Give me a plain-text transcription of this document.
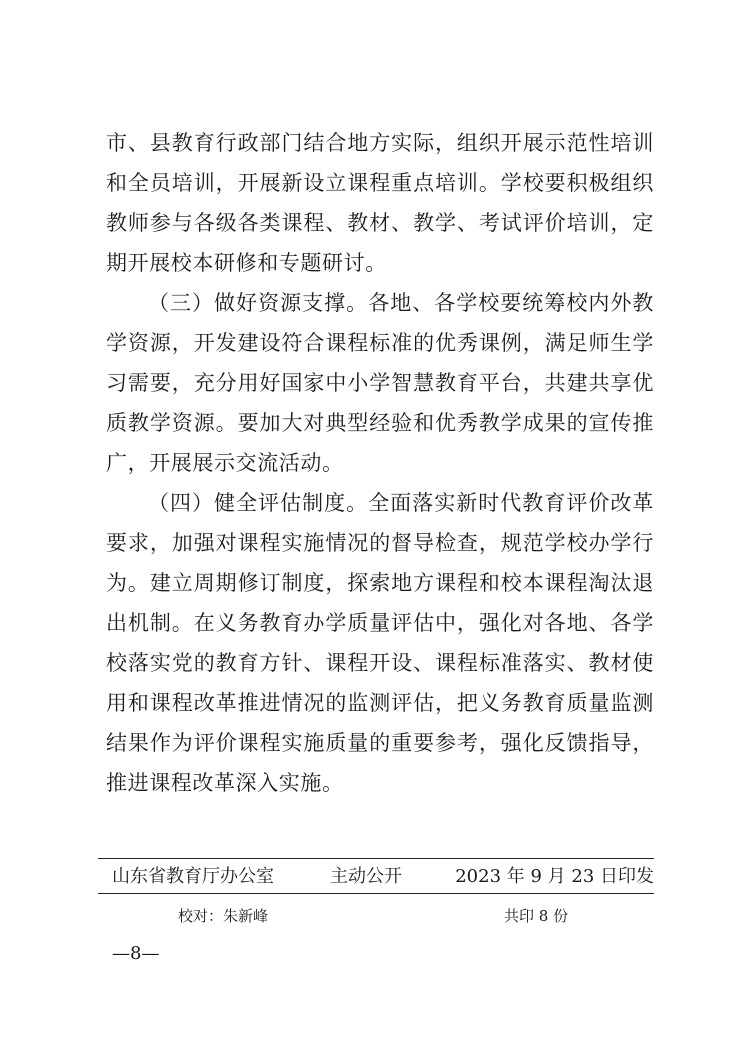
市、县教育行政部门结合地方实际，组织开展示范性培训和全员培训，开展新设立课程重点培训。学校要积极组织教师参与各级各类课程、教材、教学、考试评价培训，定期开展校本研修和专题研讨。

（三）做好资源支撑。各地、各学校要统筹校内外教学资源，开发建设符合课程标准的优秀课例，满足师生学习需要，充分用好国家中小学智慧教育平台，共建共享优质教学资源。要加大对典型经验和优秀教学成果的宣传推广，开展展示交流活动。

（四）健全评估制度。全面落实新时代教育评价改革要求，加强对课程实施情况的督导检查，规范学校办学行为。建立周期修订制度，探索地方课程和校本课程淘汰退出机制。在义务教育办学质量评估中，强化对各地、各学校落实党的教育方针、课程开设、课程标准落实、教材使用和课程改革推进情况的监测评估，把义务教育质量监测结果作为评价课程实施质量的重要参考，强化反馈指导，推进课程改革深入实施。

山东省教育厅办公室	主动公开	2023 年 9 月 23 日印发
校对：朱新峰	共印 8 份
—8—
